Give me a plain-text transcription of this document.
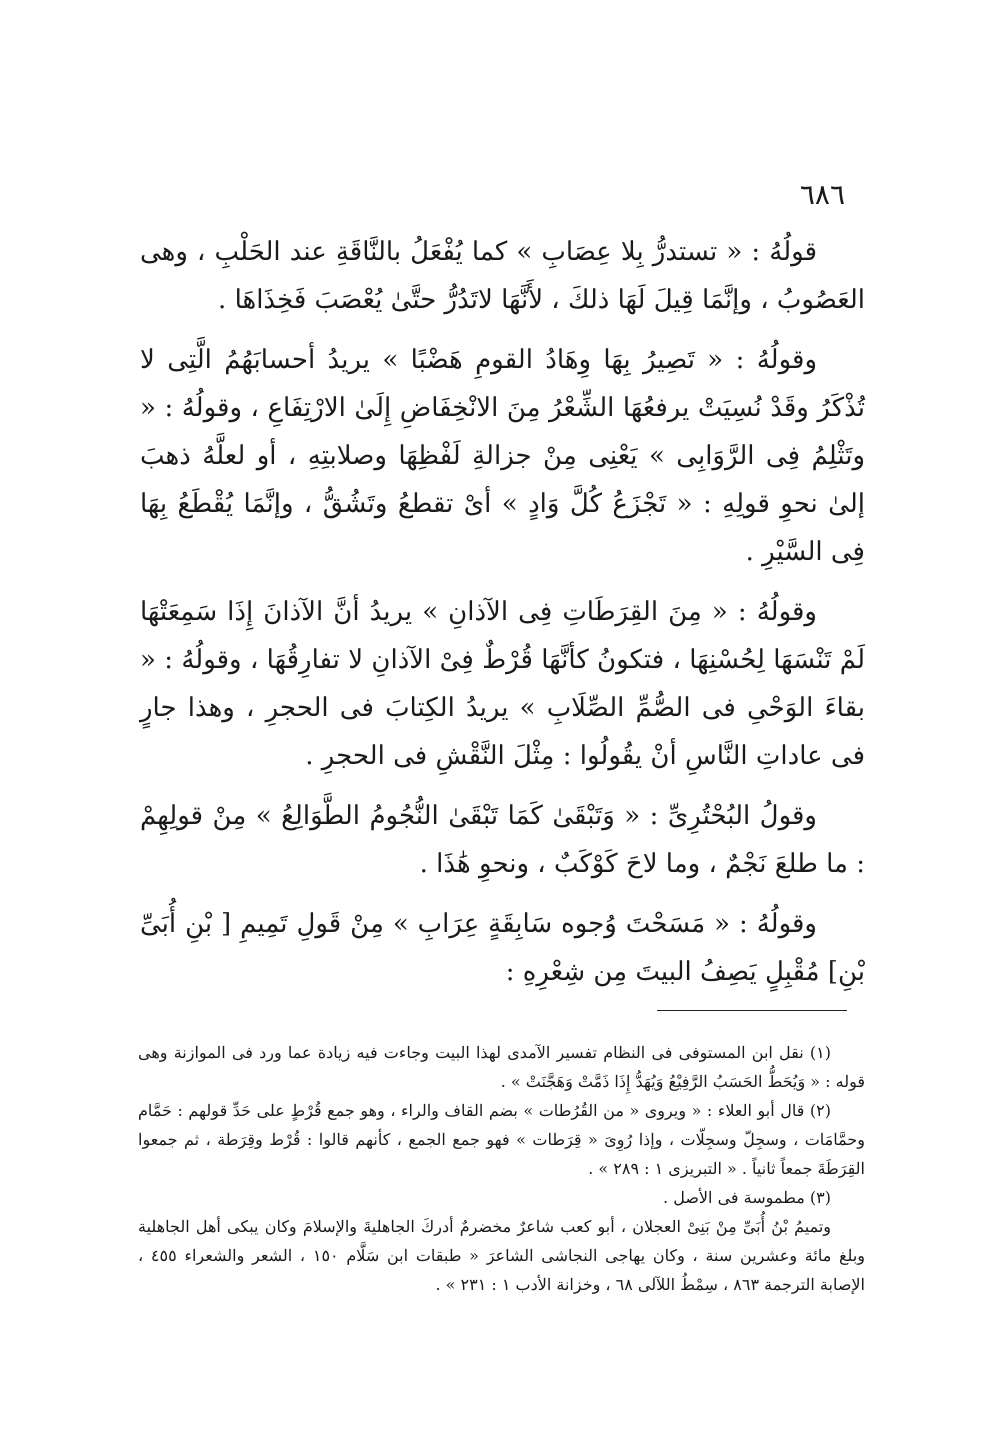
٦٨٦

قولُهُ : « تستدرُّ بِلا عِصَابِ » كما يُفْعَلُ بالنَّاقَةِ عند الحَلْبِ ، وهى العَصُوبُ ، وإنَّمَا قِيلَ لَهَا ذلكَ ، لأَنَّهَا لاتَدُرُّ حتَّىٰ يُعْصَبَ فَخِذَاهَا .

وقولُهُ : « تَصِيرُ بِهَا وِهَادُ القومِ هَضْبًا » يريدُ أحسابَهُمُ الَّتِى لا تُذْكَرُ وقَدْ نُسِيَتْ يرفعُهَا الشِّعْرُ مِنَ الانْخِفَاضِ إِلَىٰ الارْتِفَاعِ ، وقولُهُ : « وتَثْلِمُ فِى الرَّوَابِى » يَعْنِى مِنْ جزالةِ لَفْظِهَا وصلابتِهِ ، أو لعلَّهُ ذهبَ إلىٰ نحوِ قولِهِ : « تَجْزَعُ كُلَّ وَادٍ » أىْ تقطعُ وتَشُقُّ ، وإنَّمَا يُقْطَعُ بِهَا فِى السَّيْرِ .

وقولُهُ : « مِنَ القِرَطَاتِ فِى الآذانِ » يريدُ أنَّ الآذانَ إِذَا سَمِعَتْهَا لَمْ تَنْسَهَا لِحُسْنِهَا ، فتكونُ كأنَّهَا قُرْطٌ فِىْ الآذانِ لا تفارِقُهَا ، وقولُهُ : « بقاءَ الوَحْىِ فى الصُّمِّ الصِّلَابِ » يريدُ الكِتابَ فى الحجرِ ، وهذا جارٍ فى عاداتِ النَّاسِ أنْ يقُولُوا : مِثْلَ النَّقْشِ فى الحجرِ .

وقولُ البُحْتُرِىِّ : « وَتَبْقَىٰ كَمَا تَبْقَىٰ النُّجُومُ الطَّوَالِعُ » مِنْ قولِهِمْ : ما طلعَ نَجْمٌ ، وما لاحَ كَوْكَبٌ ، ونحوِ هَٰذَا .

وقولُهُ : « مَسَحْتَ وُجوه سَابِقَةٍ عِرَابِ » مِنْ قَولِ تَمِيمِ [ بْنِ أُبَىِّ بْنِ] مُقْبِلٍ يَصِفُ البيتَ مِن شِعْرِهِ :

(١) نقل ابن المستوفى فى النظام تفسير الآمدى لهذا البيت وجاءت فيه زيادة عما ورد فى الموازنة وهى قوله : « وَيُحَطُّ الحَسَبُ الرَّفِيْعُ وَيُهَدُّ إِذَا ذَمَّتْ وَهَجَّنَتْ » .

(٢) قال أبو العلاء : « ويروى « من القُرُطات » بضم القاف والراء ، وهو جمع قُرْطٍ على حَدِّ قولهم : حَمَّام وحمَّامَات ، وسجِلّ وسجِلّات ، وإذا رُوِىَ « قِرَطات » فهو جمع الجمع ، كأنهم قالوا : قُرْط وقِرَطة ، ثم جمعوا القِرَطَةَ جمعاً ثانياً . « التبريزى ١ : ٢٨٩ » .

(٣) مطموسة فى الأصل .

وتميمُ بْنُ أُبَىِّ مِنْ بَنِىْ العجلان ، أبو كعب شاعرٌ مخضرمٌ أدركَ الجاهليةَ والإسلامَ وكان يبكى أهل الجاهلية وبلغ مائة وعشرين سنة ، وكان يهاجى النجاشى الشاعرَ « طبقات ابن سَلَّام ١٥٠ ، الشعر والشعراء ٤٥٥ ، الإصابة الترجمة ٨٦٣ ، سِمْطُ اللآلى ٦٨ ، وخزانة الأدب ١ : ٢٣١ » .
